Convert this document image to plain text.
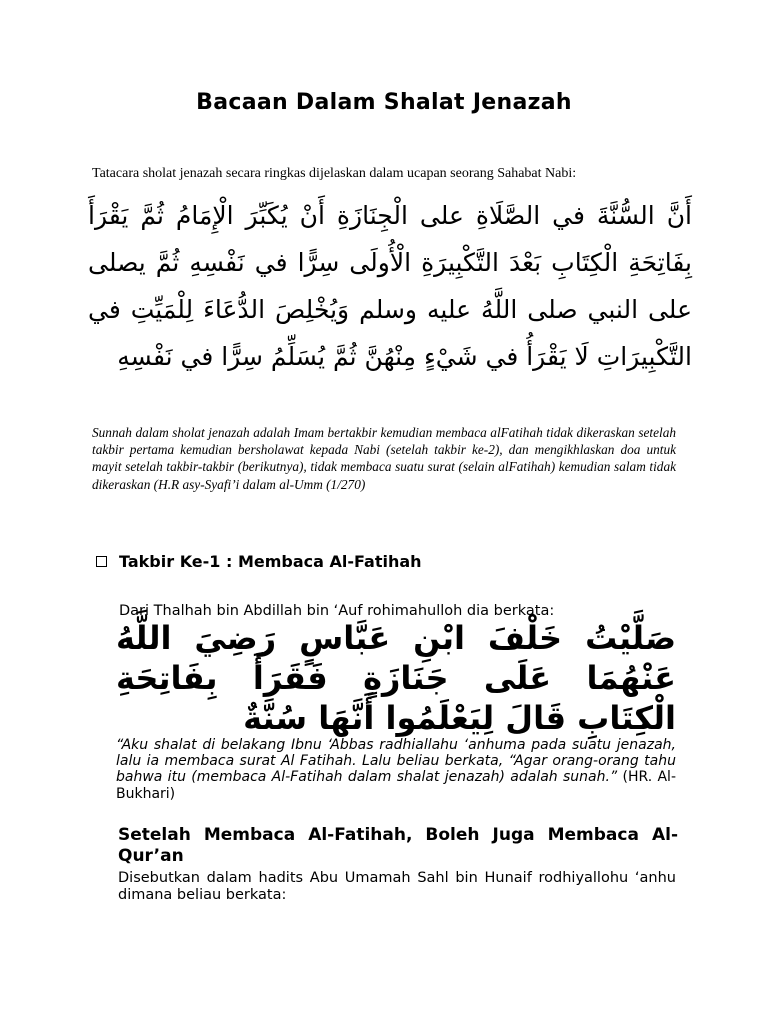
Bacaan Dalam Shalat Jenazah
Tatacara sholat jenazah secara ringkas dijelaskan dalam ucapan seorang Sahabat Nabi:
أَنَّ السُّنَّةَ في الصَّلَاةِ على الْجِنَازَةِ أَنْ يُكَبِّرَ الْإِمَامُ ثُمَّ يَقْرَأَ بِفَاتِحَةِ الْكِتَابِ بَعْدَ التَّكْبِيرَةِ الْأُولَى سِرًّا في نَفْسِهِ ثُمَّ يصلى على النبي صلى اللَّهُ عليه وسلم وَيُخْلِصَ الدُّعَاءَ لِلْمَيِّتِ في التَّكْبِيرَاتِ لَا يَقْرَأُ في شَيْءٍ مِنْهُنَّ ثُمَّ يُسَلِّمُ سِرًّا في نَفْسِهِ
Sunnah dalam sholat jenazah adalah Imam bertakbir kemudian membaca alFatihah tidak dikeraskan setelah takbir pertama kemudian bersholawat kepada Nabi (setelah takbir ke-2), dan mengikhlaskan doa untuk mayit setelah takbir-takbir (berikutnya), tidak membaca suatu surat (selain alFatihah) kemudian salam tidak dikeraskan (H.R asy-Syafi’i dalam al-Umm (1/270)
Takbir Ke-1 : Membaca Al-Fatihah
Dari Thalhah bin Abdillah bin ‘Auf rohimahulloh dia berkata:
صَلَّيْتُ خَلْفَ ابْنِ عَبَّاسٍ رَضِيَ اللَّهُ عَنْهُمَا عَلَى جَنَازَةٍ فَقَرَأَ بِفَاتِحَةِ الْكِتَابِ قَالَ لِيَعْلَمُوا أَنَّهَا سُنَّةٌ
“Aku shalat di belakang Ibnu ‘Abbas radhiallahu ‘anhuma pada suatu jenazah, lalu ia membaca surat Al Fatihah. Lalu beliau berkata, “Agar orang-orang tahu bahwa itu (membaca Al-Fatihah dalam shalat jenazah) adalah sunah.” (HR. Al-Bukhari)
Setelah Membaca Al-Fatihah, Boleh Juga Membaca Al-Qur’an
Disebutkan dalam hadits Abu Umamah Sahl bin Hunaif rodhiyallohu ‘anhu dimana beliau berkata:
